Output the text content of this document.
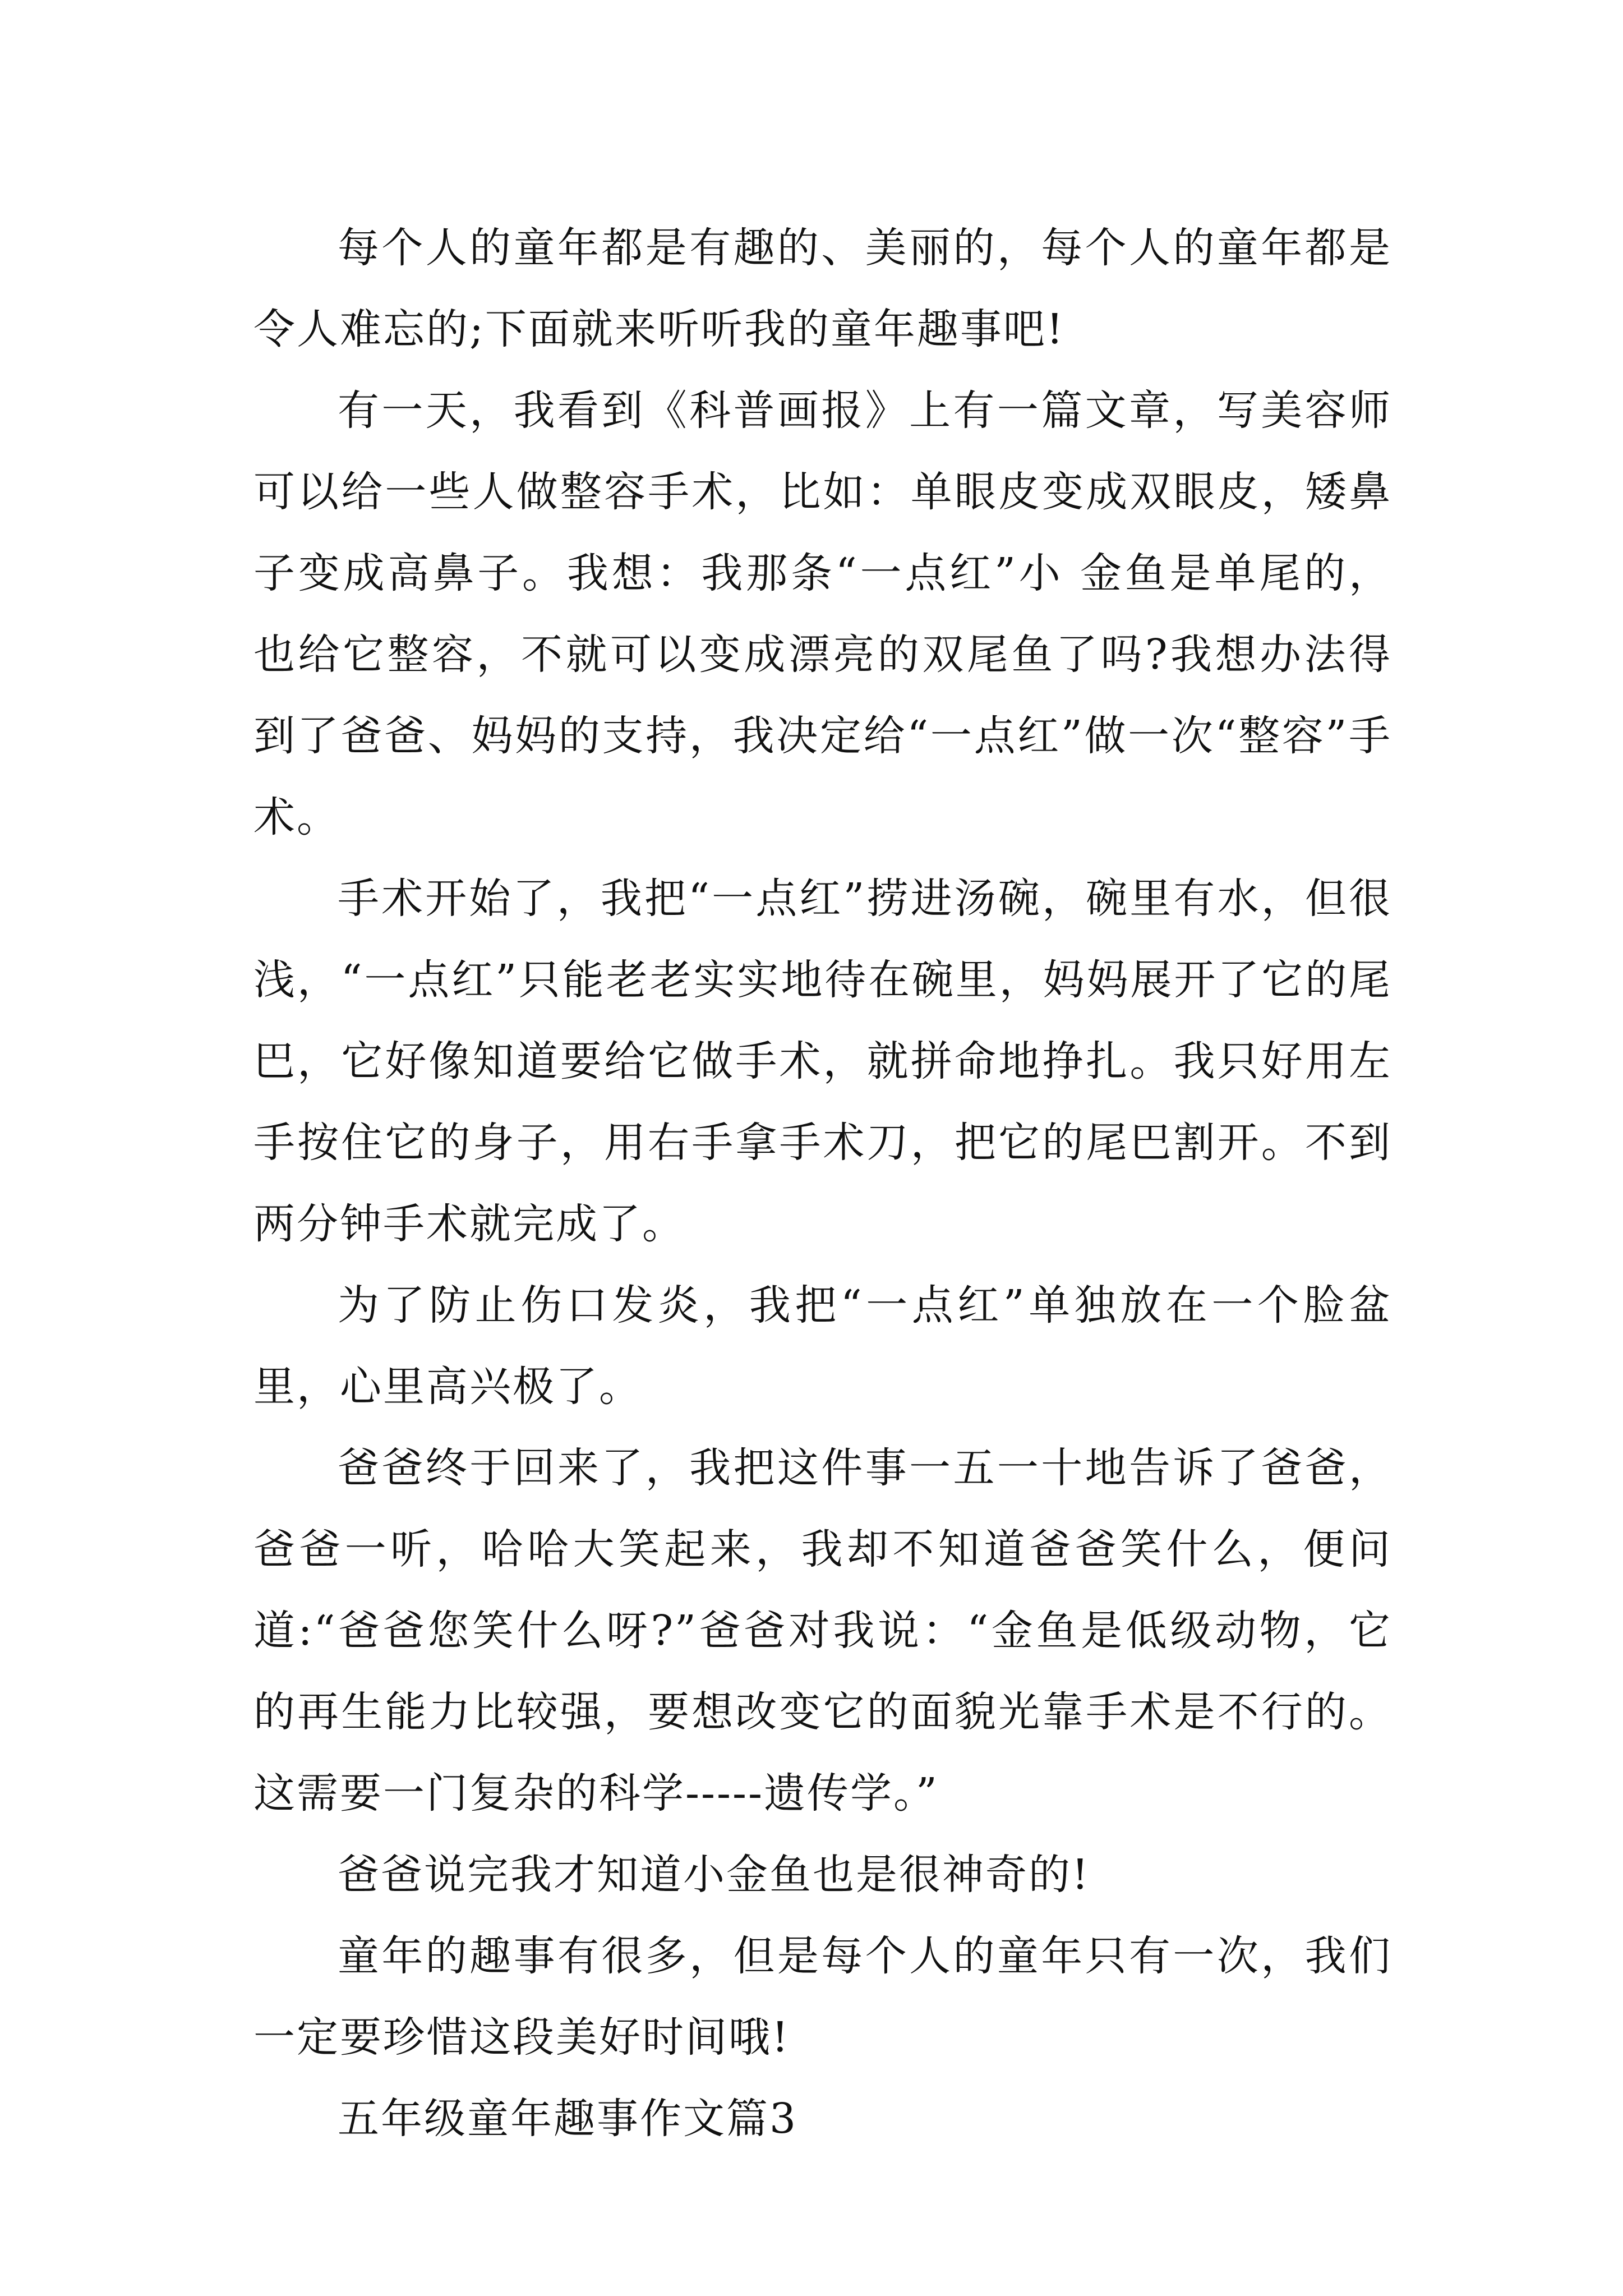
每个人的童年都是有趣的、美丽的，每个人的童年都是令人难忘的;下面就来听听我的童年趣事吧!

有一天，我看到《科普画报》上有一篇文章，写美容师可以给一些人做整容手术，比如：单眼皮变成双眼皮，矮鼻子变成高鼻子。我想：我那条“一点红”小 金鱼是单尾的，也给它整容，不就可以变成漂亮的双尾鱼了吗?我想办法得到了爸爸、妈妈的支持，我决定给“一点红”做一次“整容”手术。

手术开始了，我把“一点红”捞进汤碗，碗里有水，但很浅，“一点红”只能老老实实地待在碗里，妈妈展开了它的尾巴，它好像知道要给它做手术，就拼命地挣扎。我只好用左手按住它的身子，用右手拿手术刀，把它的尾巴割开。不到两分钟手术就完成了。

为了防止伤口发炎，我把“一点红”单独放在一个脸盆里，心里高兴极了。

爸爸终于回来了，我把这件事一五一十地告诉了爸爸，爸爸一听，哈哈大笑起来，我却不知道爸爸笑什么，便问道:“爸爸您笑什么呀?”爸爸对我说：“金鱼是低级动物，它的再生能力比较强，要想改变它的面貌光靠手术是不行的。这需要一门复杂的科学-----遗传学。”

爸爸说完我才知道小金鱼也是很神奇的!

童年的趣事有很多，但是每个人的童年只有一次，我们一定要珍惜这段美好时间哦!

五年级童年趣事作文篇3
